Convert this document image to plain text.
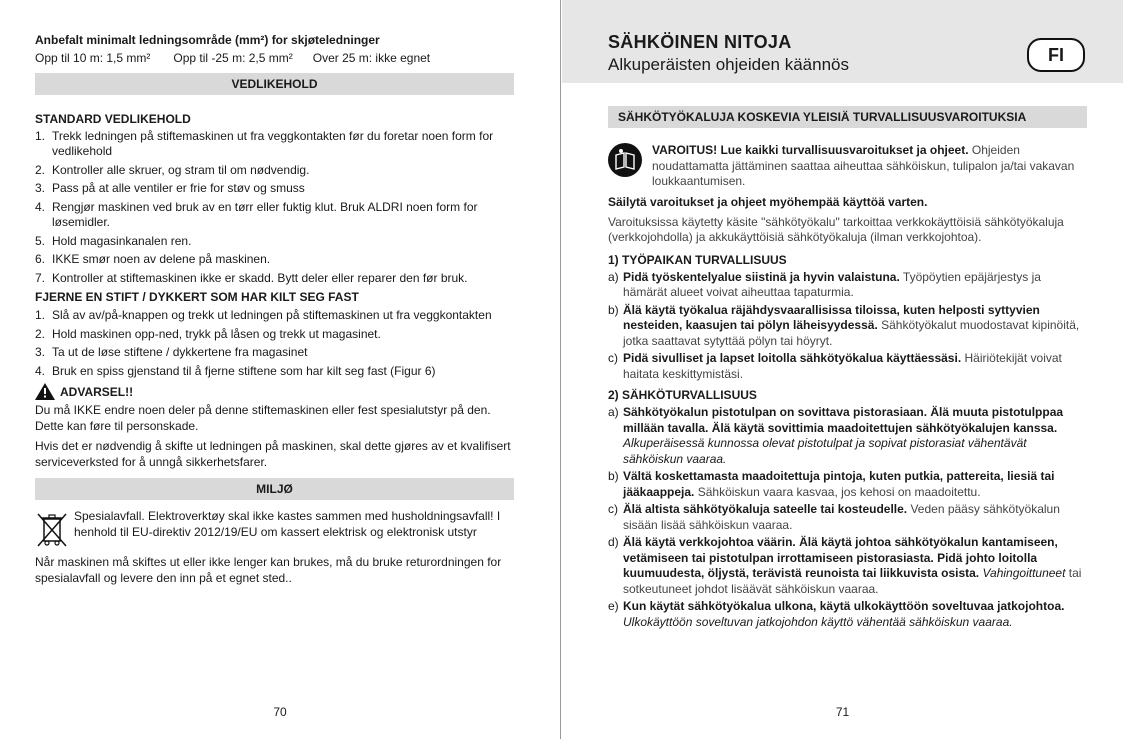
Anbefalt minimalt ledningsområde (mm²) for skjøteledninger
Opp til 10 m: 1,5 mm² Opp til -25 m: 2,5 mm² Over 25 m: ikke egnet
VEDLIKEHOLD
STANDARD VEDLIKEHOLD
1. Trekk ledningen på stiftemaskinen ut fra veggkontakten før du foretar noen form for vedlikehold
2. Kontroller alle skruer, og stram til om nødvendig.
3. Pass på at alle ventiler er frie for støv og smuss
4. Rengjør maskinen ved bruk av en tørr eller fuktig klut. Bruk ALDRI noen form for løsemidler.
5. Hold magasinkanalen ren.
6. IKKE smør noen av delene på maskinen.
7. Kontroller at stiftemaskinen ikke er skadd. Bytt deler eller reparer den før bruk.
FJERNE EN STIFT / DYKKERT SOM HAR KILT SEG FAST
1. Slå av av/på-knappen og trekk ut ledningen på stiftemaskinen ut fra veggkontakten
2. Hold maskinen opp-ned, trykk på låsen og trekk ut magasinet.
3. Ta ut de løse stiftene / dykkertene fra magasinet
4. Bruk en spiss gjenstand til å fjerne stiftene som har kilt seg fast (Figur 6)
ADVARSEL!!
Du må IKKE endre noen deler på denne stiftemaskinen eller fest spesialutstyr på den. Dette kan føre til personskade.
Hvis det er nødvendig å skifte ut ledningen på maskinen, skal dette gjøres av et kvalifisert serviceverksted for å unngå sikkerhetsfarer.
MILJØ
Spesialavfall. Elektroverktøy skal ikke kastes sammen med husholdningsavfall! I henhold til EU-direktiv 2012/19/EU om kassert elektrisk og elektronisk utstyr
Når maskinen må skiftes ut eller ikke lenger kan brukes, må du bruke returordningen for spesialavfall og levere den inn på et egnet sted..
70
SÄHKÖINEN NITOJA
Alkuperäisten ohjeiden käännös	FI
SÄHKÖTYÖKALUJA KOSKEVIA YLEISIÄ TURVALLISUUSVAROITUKSIA
VAROITUS! Lue kaikki turvallisuusvaroitukset ja ohjeet. Ohjeiden noudattamatta jättäminen saattaa aiheuttaa sähköiskun, tulipalon ja/tai vakavan loukkaantumisen.
Säilytä varoitukset ja ohjeet myöhempää käyttöä varten.
Varoituksissa käytetty käsite "sähkötyökalu" tarkoittaa verkkokäyttöisiä sähkötyökaluja (verkkojohdolla) ja akkukäyttöisiä sähkötyökaluja (ilman verkkojohtoa).
1) TYÖPAIKAN TURVALLISUUS
a) Pidä työskentelyalue siistinä ja hyvin valaistuna. Työpöytien epäjärjestys ja hämärät alueet voivat aiheuttaa tapaturmia.
b) Älä käytä työkalua räjähdysvaarallisissa tiloissa, kuten helposti syttyvien nesteiden, kaasujen tai pölyn läheisyydessä. Sähkötyökalut muodostavat kipinöitä, jotka saattavat sytyttää pölyn tai höyryt.
c) Pidä sivulliset ja lapset loitolla sähkötyökalua käyttäessäsi. Häiriötekijät voivat haitata keskittymistäsi.
2) SÄHKÖTURVALLISUUS
a) Sähkötyökalun pistotulpan on sovittava pistorasiaan. Älä muuta pistotulppaa millään tavalla. Älä käytä sovittimia maadoitettujen sähkötyökalujen kanssa. Alkuperäisessä kunnossa olevat pistotulpat ja sopivat pistorasiat vähentävät sähköiskun vaaraa.
b) Vältä koskettamasta maadoitettuja pintoja, kuten putkia, pattereita, liesiä tai jääkaappeja. Sähköiskun vaara kasvaa, jos kehosi on maadoitettu.
c) Älä altista sähkötyökaluja sateelle tai kosteudelle. Veden pääsy sähkötyökalun sisään lisää sähköiskun vaaraa.
d) Älä käytä verkkojohtoa väärin. Älä käytä johtoa sähkötyökalun kantamiseen, vetämiseen tai pistotulpan irrottamiseen pistorasiasta. Pidä johto loitolla kuumuudesta, öljystä, terävistä reunoista tai liikkuvista osista. Vahingoittuneet tai sotkeutuneet johdot lisäävät sähköiskun vaaraa.
e) Kun käytät sähkötyökalua ulkona, käytä ulkokäyttöön soveltuvaa jatkojohtoa. Ulkokäyttöön soveltuvan jatkojohdon käyttö vähentää sähköiskun vaaraa.
71
